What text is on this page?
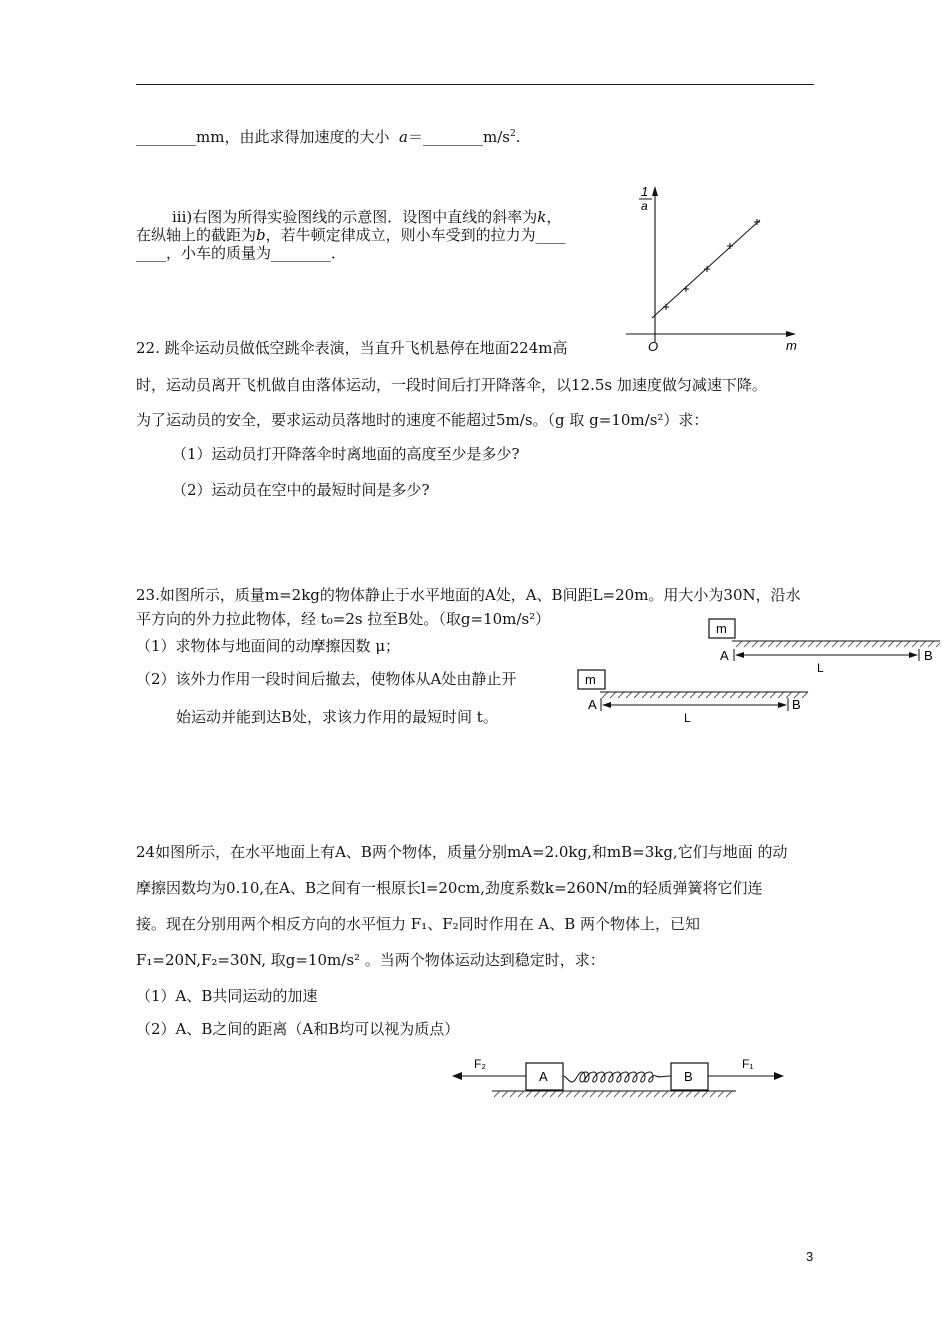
________mm，由此求得加速度的大小 $a=\_\_\_\_\_\_\_\_m/s^2$.
iii)右图为所得实验图线的示意图．设图中直线的斜率为k，
在纵轴上的截距为b，若牛顿定律成立，则小车受到的拉力为____
____，小车的质量为________．
1
a
O	m
22. 跳伞运动员做低空跳伞表演，当直升飞机悬停在地面224m高
时，运动员离开飞机做自由落体运动，一段时间后打开降落伞，以12.5s 加速度做匀减速下降。
为了运动员的安全，要求运动员落地时的速度不能超过5m/s。（g 取 g=10m/s²）求：
（1）运动员打开降落伞时离地面的高度至少是多少?
（2）运动员在空中的最短时间是多少?
23.如图所示，质量m=2kg的物体静止于水平地面的A处，A、B间距L=20m。用大小为30N，沿水
平方向的外力拉此物体，经 t₀=2s 拉至B处。（取g=10m/s²）
（1）求物体与地面间的动摩擦因数 μ；
（2）该外力作用一段时间后撤去，使物体从A处由静止开
始运动并能到达B处，求该力作用的最短时间 t。
m
A	B
L
m
A	B
L
24如图所示，在水平地面上有A、B两个物体，质量分别mA=2.0kg,和mB=3kg,它们与地面 的动
摩擦因数均为0.10,在A、B之间有一根原长l=20cm,劲度系数k=260N/m的轻质弹簧将它们连
接。现在分别用两个相反方向的水平恒力 F₁、F₂同时作用在 A、B 两个物体上，已知
F₁=20N,F₂=30N, 取g=10m/s² 。当两个物体运动达到稳定时，求：
（1）A、B共同运动的加速
（2）A、B之间的距离（A和B均可以视为质点）
F₂
A	B
F₁
3
